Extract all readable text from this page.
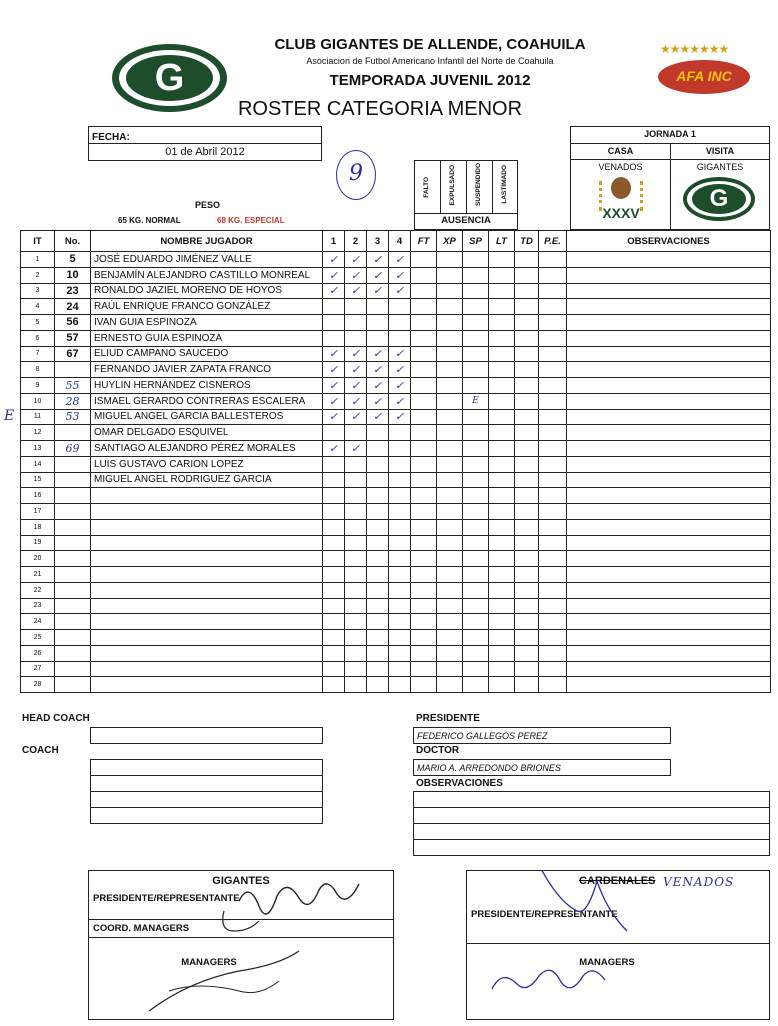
G
CLUB GIGANTES DE ALLENDE, COAHUILA
Asociacion de Futbol Americano Infantil del Norte de Coahuila
TEMPORADA JUVENIL 2012
ROSTER CATEGORIA MENOR
★★★★★★★
AFA INC
FECHA:
01 de Abril 2012
9
PESO
65 KG. NORMAL	68 KG. ESPECIAL
FALTO	EXPULSADO	SUSPENDIDO	LASTIMADO
AUSENCIA
JORNADA 1
CASA	VISITA
VENADOS	GIGANTES
XXXV
G
E
IT	No.	NOMBRE JUGADOR	1	2	3	4	FT	XP	SP	LT	TD	P.E.	OBSERVACIONES
1	5	JOSÉ EDUARDO JIMÉNEZ VALLE	✓	✓	✓	✓							
2	10	BENJAMÍN ALEJANDRO CASTILLO MONREAL	✓	✓	✓	✓							
3	23	RONALDO JAZIEL MORENO DE HOYOS	✓	✓	✓	✓							
4	24	RAÚL ENRIQUE FRANCO GONZÁLEZ											
5	56	IVAN GUIA ESPINOZA											
6	57	ERNESTO GUIA ESPINOZA											
7	67	ELIUD CAMPANO SAUCEDO	✓	✓	✓	✓							
8		FERNANDO JAVIER ZAPATA FRANCO	✓	✓	✓	✓							
9	55	HUYLIN HERNÁNDEZ CISNEROS	✓	✓	✓	✓							
10	28	ISMAEL GERARDO CONTRERAS ESCALERA	✓	✓	✓	✓			E				
11	53	MIGUEL ANGEL GARCIA BALLESTEROS	✓	✓	✓	✓							
12		OMAR DELGADO ESQUIVEL											
13	69	SANTIAGO ALEJANDRO PÉREZ MORALES	✓	✓									
14		LUIS GUSTAVO CARION LOPEZ											
15		MIGUEL ANGEL RODRIGUEZ GARCIA											
16													
17													
18													
19													
20													
21													
22													
23													
24													
25													
26													
27													
28													
HEAD COACH
COACH
PRESIDENTE
FEDERICO GALLEGOS PEREZ
DOCTOR
MARIO A. ARREDONDO BRIONES
OBSERVACIONES
GIGANTES
PRESIDENTE/REPRESENTANTE
COORD. MANAGERS
MANAGERS
CARDENALES VENADOS
PRESIDENTE/REPRESENTANTE
MANAGERS
